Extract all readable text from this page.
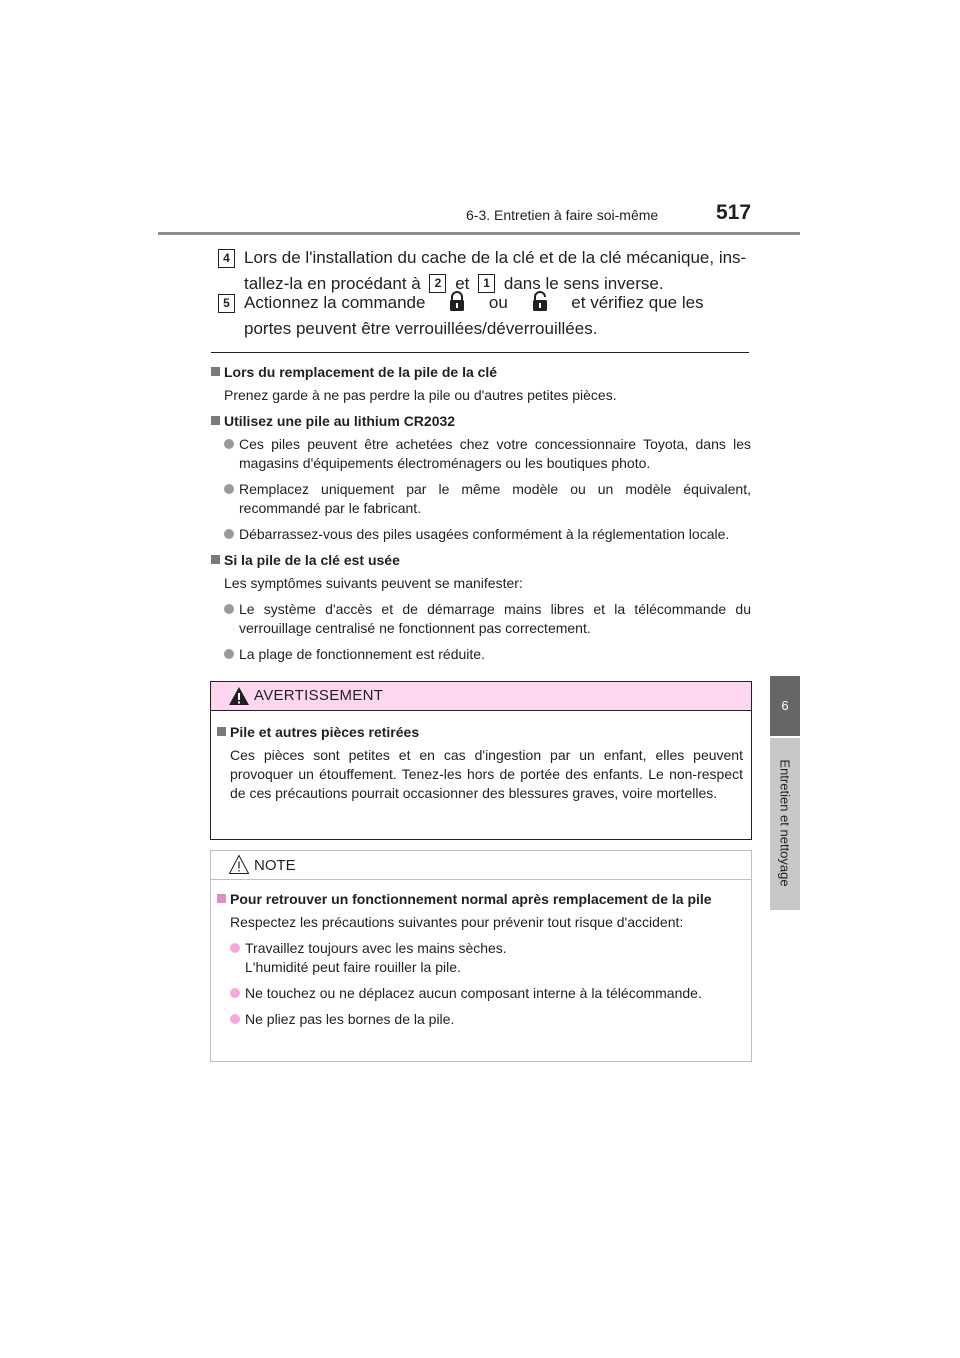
6-3. Entretien à faire soi-même	517
6
Entretien et nettoyage
4 Lors de l'installation du cache de la clé et de la clé mécanique, ins-tallez-la en procédant à 2 et 1 dans le sens inverse.
5 Actionnez la commande	ou	et vérifiez que les portes peuvent être verrouillées/déverrouillées.
Lors du remplacement de la pile de la clé
Prenez garde à ne pas perdre la pile ou d'autres petites pièces.
Utilisez une pile au lithium CR2032
Ces piles peuvent être achetées chez votre concessionnaire Toyota, dans les magasins d'équipements électroménagers ou les boutiques photo.
Remplacez uniquement par le même modèle ou un modèle équivalent, recommandé par le fabricant.
Débarrassez-vous des piles usagées conformément à la réglementation locale.
Si la pile de la clé est usée
Les symptômes suivants peuvent se manifester:
Le système d'accès et de démarrage mains libres et la télécommande du verrouillage centralisé ne fonctionnent pas correctement.
La plage de fonctionnement est réduite.
AVERTISSEMENT
Pile et autres pièces retirées
Ces pièces sont petites et en cas d'ingestion par un enfant, elles peuvent provoquer un étouffement. Tenez-les hors de portée des enfants. Le non-respect de ces précautions pourrait occasionner des blessures graves, voire mortelles.
NOTE
Pour retrouver un fonctionnement normal après remplacement de la pile
Respectez les précautions suivantes pour prévenir tout risque d'accident:
Travaillez toujours avec les mains sèches.
L'humidité peut faire rouiller la pile.
Ne touchez ou ne déplacez aucun composant interne à la télécommande.
Ne pliez pas les bornes de la pile.
